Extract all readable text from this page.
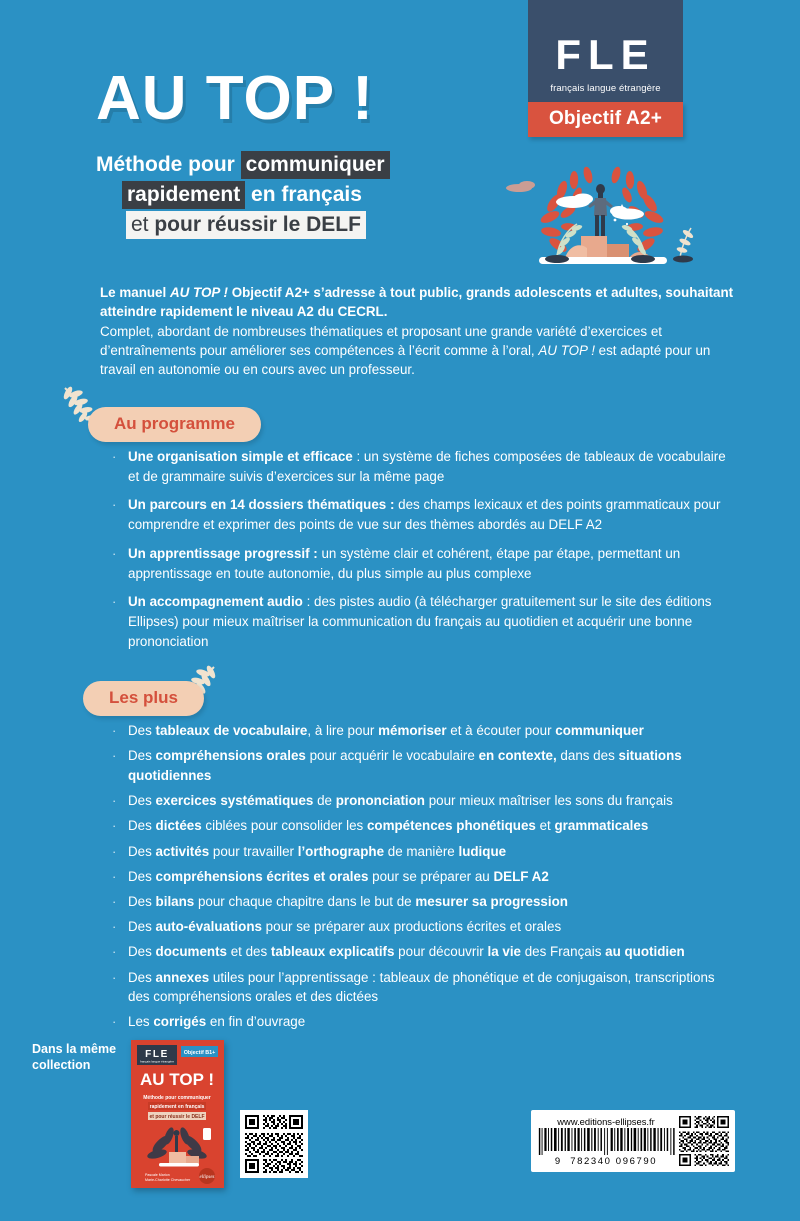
FLE
français langue étrangère
Objectif A2+
AU TOP !
Méthode pour communiquer
rapidement en français
et pour réussir le DELF

Le manuel AU TOP ! Objectif A2+ s’adresse à tout public, grands adolescents et adultes, souhaitant atteindre rapidement le niveau A2 du CECRL.

Complet, abordant de nombreuses thématiques et proposant une grande variété d’exercices et d’entraînements pour améliorer ses compétences à l’écrit comme à l’oral, AU TOP ! est adapté pour un travail en autonomie ou en cours avec un professeur.

Au programme
· Une organisation simple et efficace : un système de fiches composées de tableaux de vocabulaire et de grammaire suivis d’exercices sur la même page
· Un parcours en 14 dossiers thématiques : des champs lexicaux et des points grammaticaux pour comprendre et exprimer des points de vue sur des thèmes abordés au DELF A2
· Un apprentissage progressif : un système clair et cohérent, étape par étape, permettant un apprentissage en toute autonomie, du plus simple au plus complexe
· Un accompagnement audio : des pistes audio (à télécharger gratuitement sur le site des éditions Ellipses) pour mieux maîtriser la communication du français au quotidien et acquérir une bonne prononciation
Les plus
· Des tableaux de vocabulaire, à lire pour mémoriser et à écouter pour communiquer
· Des compréhensions orales pour acquérir le vocabulaire en contexte, dans des situations quotidiennes
· Des exercices systématiques de prononciation pour mieux maîtriser les sons du français
· Des dictées ciblées pour consolider les compétences phonétiques et grammaticales
· Des activités pour travailler l’orthographe de manière ludique
· Des compréhensions écrites et orales pour se préparer au DELF A2
· Des bilans pour chaque chapitre dans le but de mesurer sa progression
· Des auto-évaluations pour se préparer aux productions écrites et orales
· Des documents et des tableaux explicatifs pour découvrir la vie des Français au quotidien
· Des annexes utiles pour l’apprentissage : tableaux de phonétique et de conjugaison, transcriptions des compréhensions orales et des dictées
· Les corrigés en fin d’ouvrage
Dans la même collection
FLE
français langue étrangère
Objectif B1+
AU TOP !
Méthode pour communiquer
rapidement en français
et pour réussir le DELF
Pascale Marion
Marie-Charlotte Chevaucher ellipses
www.editions-ellipses.fr
9 782340 096790
